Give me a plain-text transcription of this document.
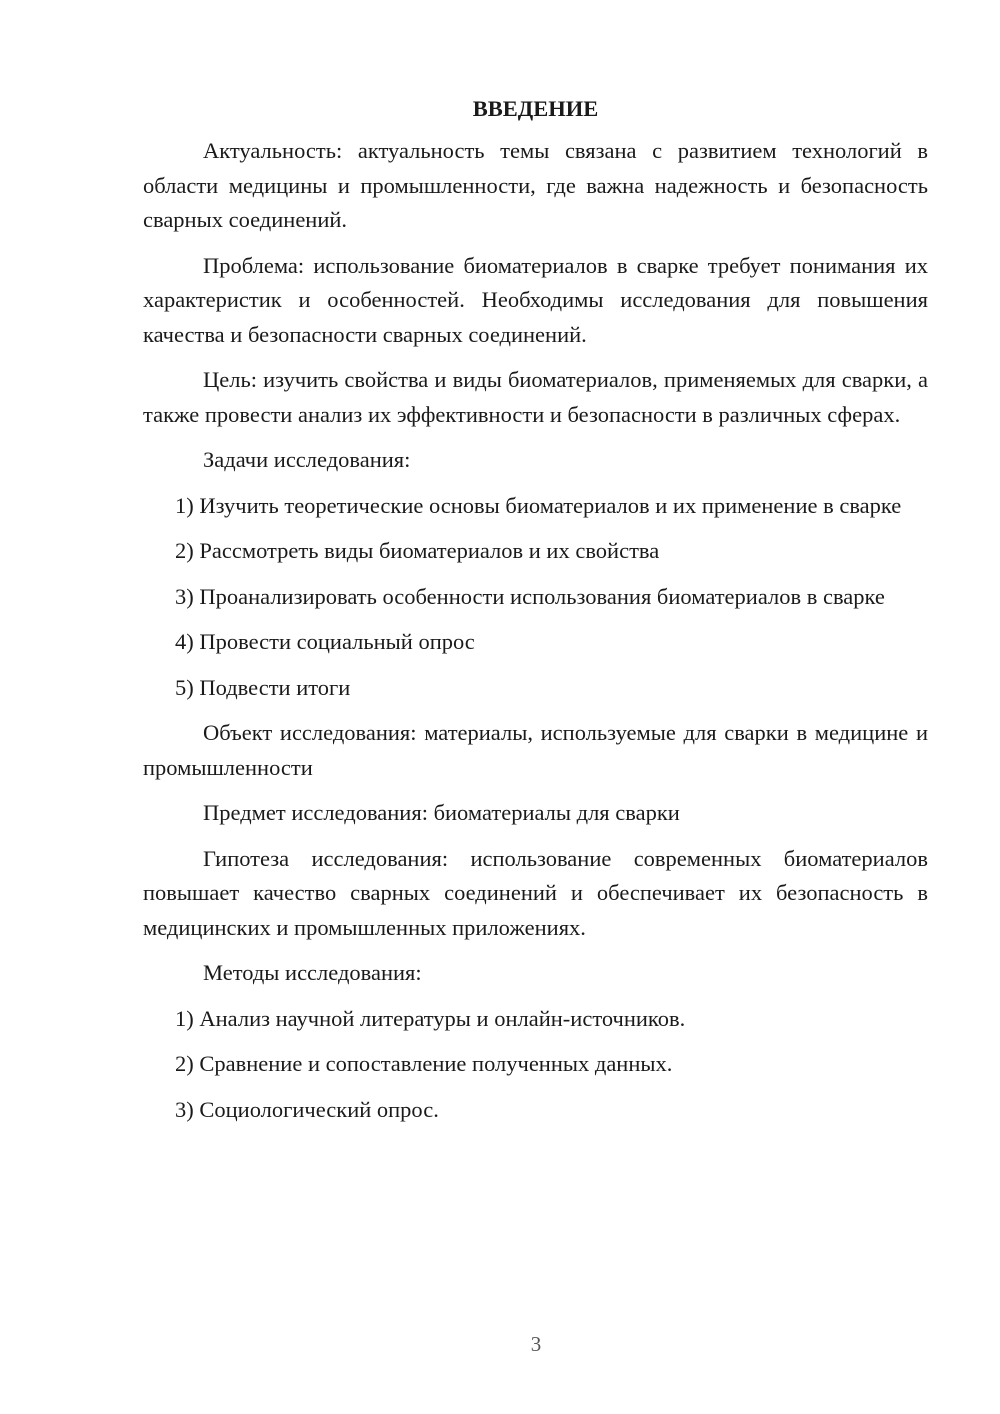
ВВЕДЕНИЕ

Актуальность: актуальность темы связана с развитием технологий в области медицины и промышленности, где важна надежность и безопасность сварных соединений.

Проблема: использование биоматериалов в сварке требует понимания их характеристик и особенностей. Необходимы исследования для повышения качества и безопасности сварных соединений.

Цель: изучить свойства и виды биоматериалов, применяемых для сварки, а также провести анализ их эффективности и безопасности в различных сферах.

Задачи исследования:

1) Изучить теоретические основы биоматериалов и их применение в сварке

2) Рассмотреть виды биоматериалов и их свойства

3) Проанализировать особенности использования биоматериалов в сварке

4) Провести социальный опрос

5) Подвести итоги

Объект исследования: материалы, используемые для сварки в медицине и промышленности

Предмет исследования: биоматериалы для сварки

Гипотеза исследования: использование современных биоматериалов повышает качество сварных соединений и обеспечивает их безопасность в медицинских и промышленных приложениях.

Методы исследования:

1) Анализ научной литературы и онлайн-источников.

2) Сравнение и сопоставление полученных данных.

3) Социологический опрос.

3
